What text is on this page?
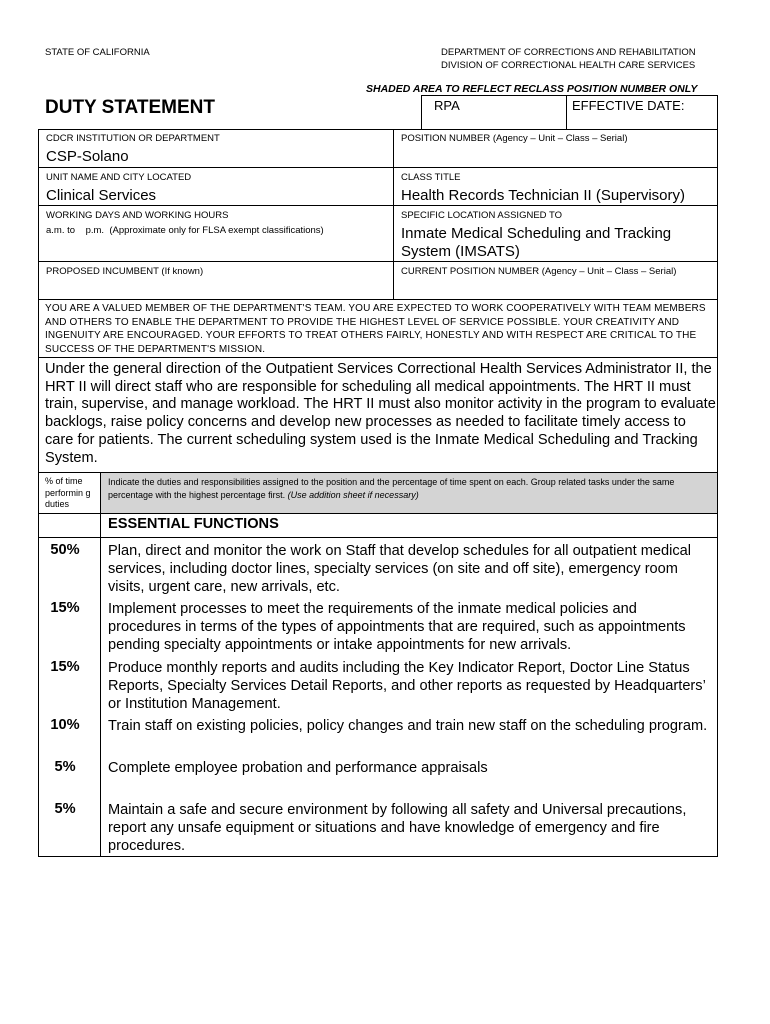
STATE OF CALIFORNIA	DEPARTMENT OF CORRECTIONS AND REHABILITATION
DIVISION OF CORRECTIONAL HEALTH CARE SERVICES
SHADED AREA TO REFLECT RECLASS POSITION NUMBER ONLY
DUTY STATEMENT	RPA	EFFECTIVE DATE:
CDCR INSTITUTION OR DEPARTMENT
CSP-Solano
POSITION NUMBER (Agency – Unit – Class – Serial)
UNIT NAME AND CITY LOCATED
Clinical Services
CLASS TITLE
Health Records Technician II (Supervisory)
WORKING DAYS AND WORKING HOURS
a.m. to    p.m.  (Approximate only for FLSA exempt classifications)
SPECIFIC LOCATION ASSIGNED TO
Inmate Medical Scheduling and Tracking System (IMSATS)
PROPOSED INCUMBENT (If known)	CURRENT POSITION NUMBER (Agency – Unit – Class – Serial)
YOU ARE A VALUED MEMBER OF THE DEPARTMENT'S TEAM. YOU ARE EXPECTED TO WORK COOPERATIVELY WITH TEAM MEMBERS AND OTHERS TO ENABLE THE DEPARTMENT TO PROVIDE THE HIGHEST LEVEL OF SERVICE POSSIBLE. YOUR CREATIVITY AND INGENUITY ARE ENCOURAGED. YOUR EFFORTS TO TREAT OTHERS FAIRLY, HONESTLY AND WITH RESPECT ARE CRITICAL TO THE SUCCESS OF THE DEPARTMENT'S MISSION.
Under the general direction of the Outpatient Services Correctional Health Services Administrator II, the HRT II will direct staff who are responsible for scheduling all medical appointments. The HRT II must train, supervise, and manage workload. The HRT II must also monitor activity in the program to evaluate backlogs, raise policy concerns and develop new processes as needed to facilitate timely access to care for patients. The current scheduling system used is the Inmate Medical Scheduling and Tracking System.
% of time performin g duties
Indicate the duties and responsibilities assigned to the position and the percentage of time spent on each. Group related tasks under the same percentage with the highest percentage first. (Use addition sheet if necessary)
ESSENTIAL FUNCTIONS
50%	Plan, direct and monitor the work on Staff that develop schedules for all outpatient medical services, including doctor lines, specialty services (on site and off site), emergency room visits, urgent care, new arrivals, etc.
15%	Implement processes to meet the requirements of the inmate medical policies and procedures in terms of the types of appointments that are required, such as appointments pending specialty appointments or intake appointments for new arrivals.
15%	Produce monthly reports and audits including the Key Indicator Report, Doctor Line Status Reports, Specialty Services Detail Reports, and other reports as requested by Headquarters’ or Institution Management.
10%	Train staff on existing policies, policy changes and train new staff on the scheduling program.
5%	Complete employee probation and performance appraisals
5%	Maintain a safe and secure environment by following all safety and Universal precautions, report any unsafe equipment or situations and have knowledge of emergency and fire procedures.
